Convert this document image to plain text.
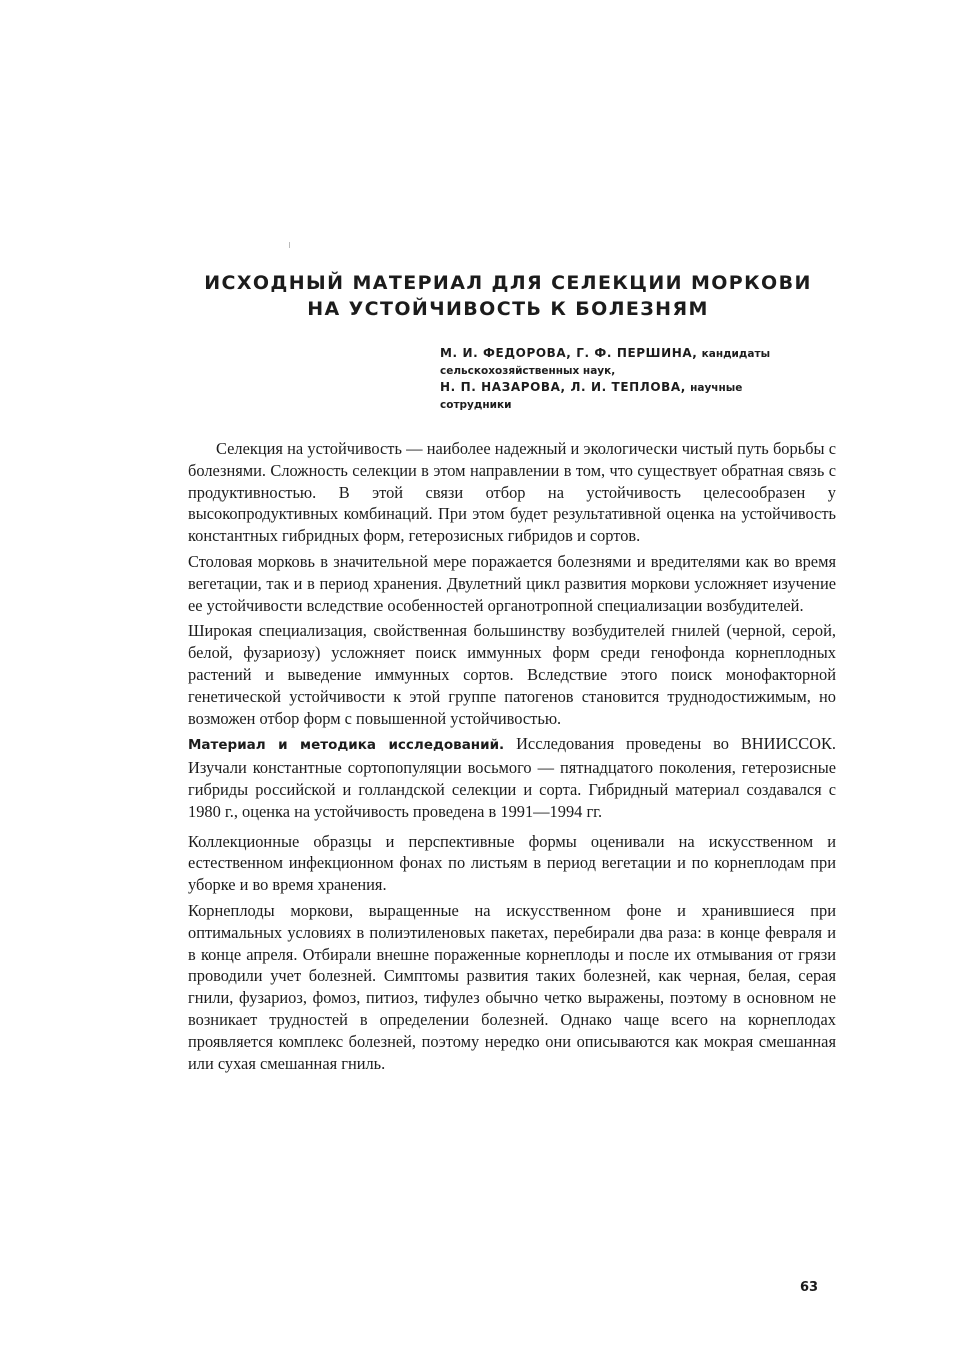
ИСХОДНЫЙ МАТЕРИАЛ ДЛЯ СЕЛЕКЦИИ МОРКОВИ
НА УСТОЙЧИВОСТЬ К БОЛЕЗНЯМ
М. И. ФЕДОРОВА, Г. Ф. ПЕРШИНА, кандидаты
сельскохозяйственных наук,
Н. П. НАЗАРОВА, Л. И. ТЕПЛОВА, научные
сотрудники

Селекция на устойчивость — наиболее надежный и экологически чистый путь борьбы с болезнями. Сложность селекции в этом направлении в том, что существует обратная связь с продуктивностью. В этой связи отбор на устойчивость целесообразен у высокопродуктивных комбинаций. При этом будет результативной оценка на устойчивость константных гибридных форм, гетерозисных гибридов и сортов.

Столовая морковь в значительной мере поражается болезнями и вредителями как во время вегетации, так и в период хранения. Двулетний цикл развития моркови усложняет изучение ее устойчивости вследствие особенностей органотропной специализации возбудителей.

Широкая специализация, свойственная большинству возбудителей гнилей (черной, серой, белой, фузариозу) усложняет поиск иммунных форм среди генофонда корнеплодных растений и выведение иммунных сортов. Вследствие этого поиск монофакторной генетической устойчивости к этой группе патогенов становится труднодостижимым, но возможен отбор форм с повышенной устойчивостью.

Материал и методика исследований. Исследования проведены во ВНИИССОК. Изучали константные сортопопуляции восьмого — пятнадцатого поколения, гетерозисные гибриды российской и голландской селекции и сорта. Гибридный материал создавался с 1980 г., оценка на устойчивость проведена в 1991—1994 гг.

Коллекционные образцы и перспективные формы оценивали на искусственном и естественном инфекционном фонах по листьям в период вегетации и по корнеплодам при уборке и во время хранения.

Корнеплоды моркови, выращенные на искусственном фоне и хранившиеся при оптимальных условиях в полиэтиленовых пакетах, перебирали два раза: в конце февраля и в конце апреля. Отбирали внешне пораженные корнеплоды и после их отмывания от грязи проводили учет болезней. Симптомы развития таких болезней, как черная, белая, серая гнили, фузариоз, фомоз, питиоз, тифулез обычно четко выражены, поэтому в основном не возникает трудностей в определении болезней. Однако чаще всего на корнеплодах проявляется комплекс болезней, поэтому нередко они описываются как мокрая смешанная или сухая смешанная гниль.

63
